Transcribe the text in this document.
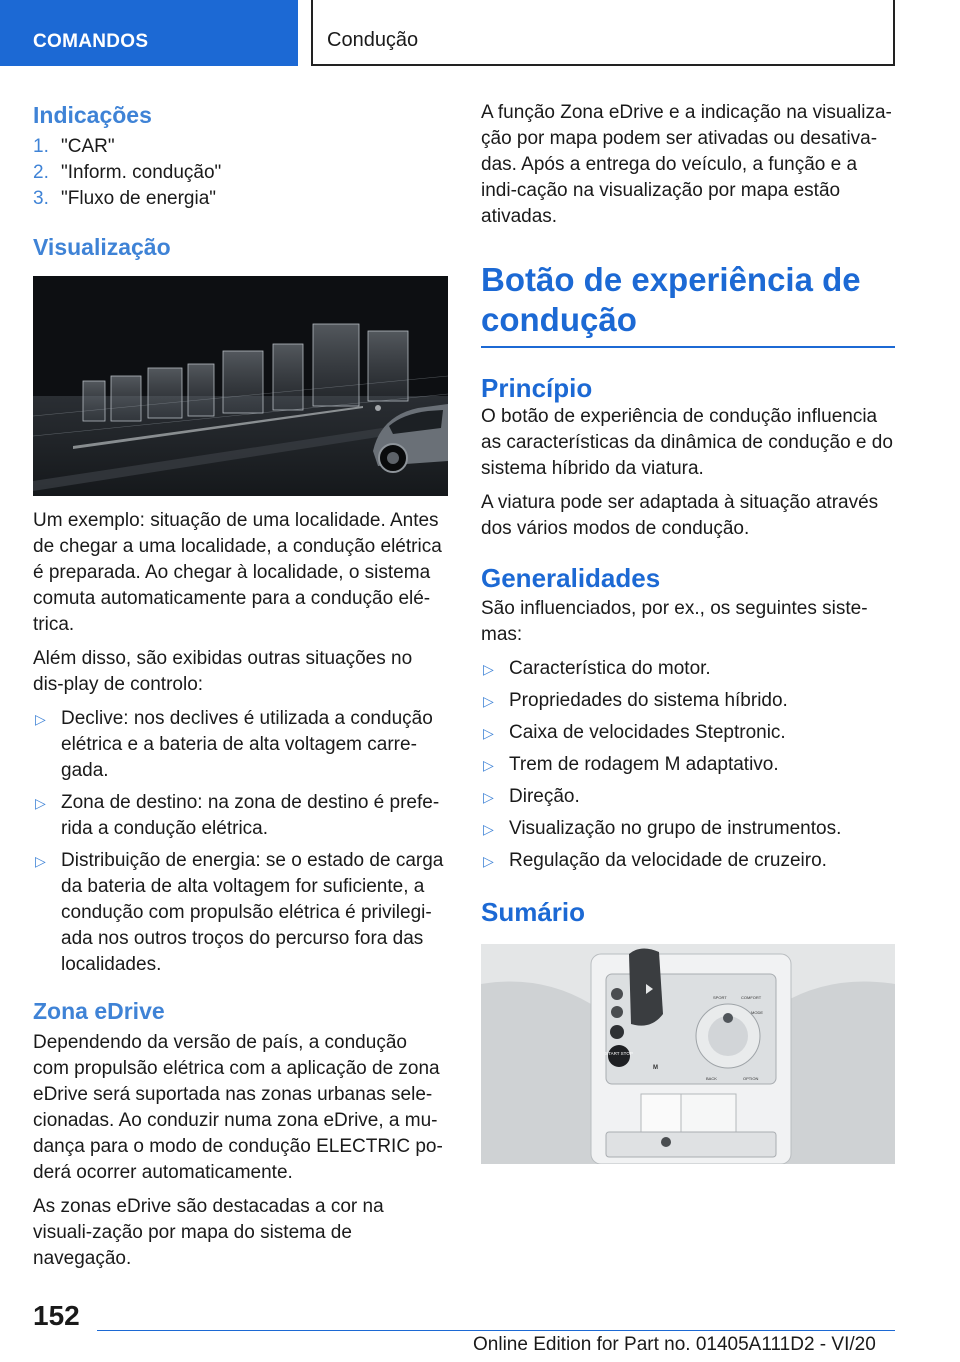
COMANDOS	Condução
Indicações
1. "CAR"
2. "Inform. condução"
3. "Fluxo de energia"
Visualização

Um exemplo: situação de uma localidade. Antes de chegar a uma localidade, a condução elétrica é preparada. Ao chegar à localidade, o sistema comuta automaticamente para a condução elé-trica.

Além disso, são exibidas outras situações no dis-play de controlo:

▷ Declive: nos declives é utilizada a condução elétrica e a bateria de alta voltagem carre-gada.
▷ Zona de destino: na zona de destino é prefe-rida a condução elétrica.
▷ Distribuição de energia: se o estado de carga da bateria de alta voltagem for suficiente, a condução com propulsão elétrica é privilegi-ada nos outros troços do percurso fora das localidades.
Zona eDrive

Dependendo da versão de país, a condução com propulsão elétrica com a aplicação de zona eDrive será suportada nas zonas urbanas sele-cionadas. Ao conduzir numa zona eDrive, a mu-dança para o modo de condução ELECTRIC po-derá ocorrer automaticamente.

As zonas eDrive são destacadas a cor na visuali-zação por mapa do sistema de navegação.

A função Zona eDrive e a indicação na visualiza-ção por mapa podem ser ativadas ou desativa-das. Após a entrega do veículo, a função e a indi-cação na visualização por mapa estão ativadas.

Botão de experiência de condução
Princípio

O botão de experiência de condução influencia as características da dinâmica de condução e do sistema híbrido da viatura.

A viatura pode ser adaptada à situação através dos vários modos de condução.

Generalidades

São influenciados, por ex., os seguintes siste-mas:

▷ Característica do motor.
▷ Propriedades do sistema híbrido.
▷ Caixa de velocidades Steptronic.
▷ Trem de rodagem M adaptativo.
▷ Direção.
▷ Visualização no grupo de instrumentos.
▷ Regulação da velocidade de cruzeiro.
Sumário
START STOP
SPORT	COMFORT
MODE
BACK	OPTION
M
152
Online Edition for Part no. 01405A111D2 - VI/20
